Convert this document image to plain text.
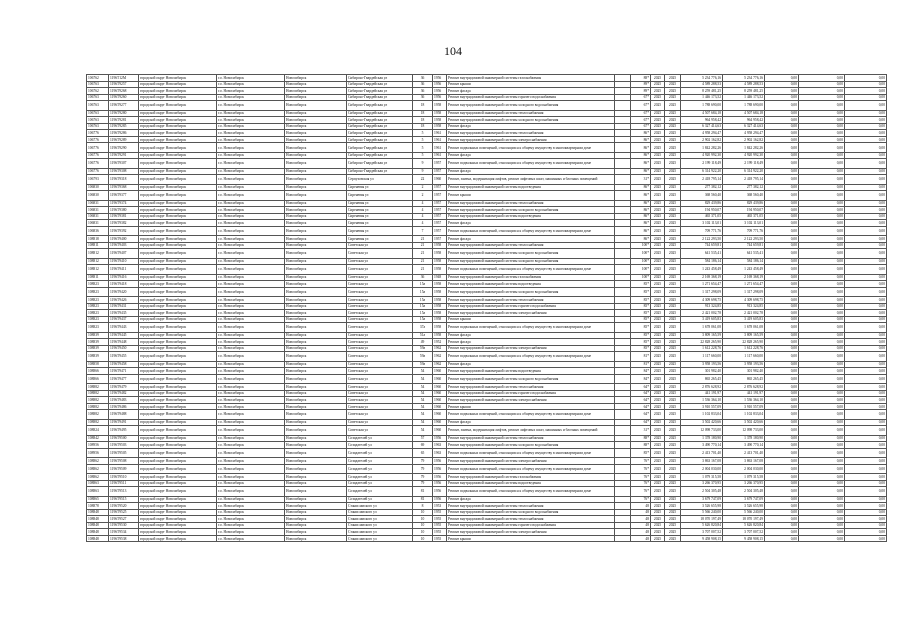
104
106762	1196T12M	городской округ Новосибирск	г.о. Новосибирск	Новосибирск	Сибирско-Гвардейская ул	36	1956	Ремонт внутридомовой инженерной системы газоснабжения		88*	2025	2025	5 234 776,16	5 234 776,16	0,00	0,00	0,00
106763	1196T9257	городской округ Новосибирск	г.о. Новосибирск	Новосибирск	Сибирско-Гвардейская ул	36	1956	Ремонт крыши		89*	2025	2025	4 589 288,53	4 589 288,53	0,00	0,00	0,00
106762	1196T9268	городской округ Новосибирск	г.о. Новосибирск	Новосибирск	Сибирско-Гвардейская ул	36	1956	Ремонт фасада		89*	2025	2025	8 259 481,25	8 259 481,25	0,00	0,00	0,00
106763	1196T9260	городской округ Новосибирск	г.о. Новосибирск	Новосибирск	Сибирско-Гвардейская ул	36	1956	Ремонт внутридомовой инженерной системы горячего водоснабжения		67*	2025	2025	1 446 173,52	1 446 173,52	0,00	0,00	0,00
106763	1196T9277	городской округ Новосибирск	г.о. Новосибирск	Новосибирск	Сибирско-Гвардейская ул	18	1958	Ремонт внутридомовой инженерной системы холодного водоснабжения		67*	2025	2025	1 788 690,00	1 788 690,00	0,00	0,00	0,00
106763	1196T9280	городской округ Новосибирск	г.о. Новосибирск	Новосибирск	Сибирско-Гвардейская ул	18	1958	Ремонт внутридомовой инженерной системы теплоснабжения		67*	2025	2025	4 507 684,18	4 507 684,18	0,00	0,00	0,00
106763	1196T9281	городской округ Новосибирск	г.о. Новосибирск	Новосибирск	Сибирско-Гвардейская ул	18	1958	Ремонт внутридомовой инженерной системы холодного водоснабжения		67*	2025	2025	964 958,42	964 958,42	0,00	0,00	0,00
106763	1196T9285	городской округ Новосибирск	г.о. Новосибирск	Новосибирск	Сибирско-Гвардейская ул	18	1958	Ремонт фасада		67*	2025	2025	6 327 414,63	6 327 414,63	0,00	0,00	0,00
106776	1196T9286	городской округ Новосибирск	г.о. Новосибирск	Новосибирск	Сибирско-Гвардейская ул	5	1961	Ремонт внутридомовой инженерной системы теплоснабжения		86*	2025	2025	4 958 294,47	4 958 294,47	0,00	0,00	0,00
106776	1196T9289	городской округ Новосибирск	г.о. Новосибирск	Новосибирск	Сибирско-Гвардейская ул	5	1961	Ремонт внутридомовой инженерной системы электроснабжения		86*	2025	2025	2 902 162,82	2 902 162,82	0,00	0,00	0,00
106776	1196T9290	городской округ Новосибирск	г.о. Новосибирск	Новосибирск	Сибирско-Гвардейская ул	5	1961	Ремонт подвальных помещений, относящихся к общему имуществу в многоквартирном доме		86*	2025	2025	1 842 282,26	1 842 282,26	0,00	0,00	0,00
106776	1196T9291	городской округ Новосибирск	г.о. Новосибирск	Новосибирск	Сибирско-Гвардейская ул	5	1961	Ремонт фасада		86*	2025	2025	4 920 992,30	4 920 992,30	0,00	0,00	0,00
106776	1196T9307	городской округ Новосибирск	г.о. Новосибирск	Новосибирск	Сибирско-Гвардейская ул	9	1957	Ремонт подвальных помещений, относящихся к общему имуществу в многоквартирном доме		86*	2025	2025	2 199 118,49	2 199 118,49	0,00	0,00	0,00
106776	1196T9308	городской округ Новосибирск	г.о. Новосибирск	Новосибирск	Сибирско-Гвардейская ул	9	1957	Ремонт фасада		86*	2025	2025	6 314 922,20	6 314 922,20	0,00	0,00	0,00
106793	1196T9318	городской округ Новосибирск	г.о. Новосибирск	Новосибирск	Серпуховская ул	22	1960	Ремонт, замена, модернизация лифтов, ремонт лифтовых шахт, машинных и блочных помещений		31*	2025	2025	2 418 795,14	2 418 795,14	0,00	0,00	0,00
106830	1196T9368	городской округ Новосибирск	г.о. Новосибирск	Новосибирск	Сиреневая ул	2	1957	Ремонт внутридомовой инженерной системы водоотведения		86*	2025	2025	277 382,12	277 382,12	0,00	0,00	0,00
106830	1196T9377	городской округ Новосибирск	г.о. Новосибирск	Новосибирск	Сиреневая ул	2	1957	Ремонт крыши		86*	2025	2025	368 560,40	368 560,40	0,00	0,00	0,00
106831	1196T9374	городской округ Новосибирск	г.о. Новосибирск	Новосибирск	Сиреневая ул	4	1957	Ремонт внутридомовой инженерной системы теплоснабжения		86*	2025	2025	829 439,86	829 439,86	0,00	0,00	0,00
106831	1196T9380	городской округ Новосибирск	г.о. Новосибирск	Новосибирск	Сиреневая ул	4	1957	Ремонт внутридомовой инженерной системы холодного водоснабжения		86*	2025	2025	194 950,07	194 950,07	0,00	0,00	0,00
106831	1196T9381	городской округ Новосибирск	г.о. Новосибирск	Новосибирск	Сиреневая ул	4	1957	Ремонт внутридомовой инженерной системы водоотведения		86*	2025	2025	465 371,05	465 371,05	0,00	0,00	0,00
106831	1196T9382	городской округ Новосибирск	г.о. Новосибирск	Новосибирск	Сиреневая ул	4	1957	Ремонт фасада		86*	2025	2025	3 102 113,01	3 102 113,01	0,00	0,00	0,00
106836	1196T9392	городской округ Новосибирск	г.о. Новосибирск	Новосибирск	Сиреневая ул	7	1957	Ремонт подвальных помещений, относящихся к общему имуществу в многоквартирном доме		86*	2025	2025	709 771,76	709 771,76	0,00	0,00	0,00
108818	1196T9400	городской округ Новосибирск	г.о. Новосибирск	Новосибирск	Сиреневая ул	21	1957	Ремонт фасада		86*	2025	2025	2 122 293,50	2 122 293,50	0,00	0,00	0,00
108811	1196T9403	городской округ Новосибирск	г.о. Новосибирск	Новосибирск	Советская ул	21	1958	Ремонт внутридомовой инженерной системы теплоснабжения		100*	2025	2025	744 659,81	744 659,81	0,00	0,00	0,00
108812	1196T9407	городской округ Новосибирск	г.о. Новосибирск	Новосибирск	Советская ул	21	1958	Ремонт внутридомовой инженерной системы холодного водоснабжения		100*	2025	2025	641 535,41	641 535,41	0,00	0,00	0,00
108812	1196T9410	городской округ Новосибирск	г.о. Новосибирск	Новосибирск	Советская ул	21	1958	Ремонт внутридомовой инженерной системы холодного водоснабжения		100*	2025	2025	584 186,14	584 186,14	0,00	0,00	0,00
108812	1196T9411	городской округ Новосибирск	г.о. Новосибирск	Новосибирск	Советская ул	21	1958	Ремонт подвальных помещений, относящихся к общему имуществу в многоквартирном доме		100*	2025	2025	1 243 458,49	1 243 458,49	0,00	0,00	0,00
108811	1196T9416	городской округ Новосибирск	г.о. Новосибирск	Новосибирск	Советская ул	36	1948	Ремонт внутридомовой инженерной системы газоснабжения		100*	2025	2025	2 169 368,19	2 169 368,19	0,00	0,00	0,00
108823	1196T9418	городской округ Новосибирск	г.о. Новосибирск	Новосибирск	Советская ул	15a	1958	Ремонт внутридомовой инженерной системы водоотведения		85*	2025	2025	1 271 654,47	1 271 654,47	0,00	0,00	0,00
108823	1196T9420	городской округ Новосибирск	г.о. Новосибирск	Новосибирск	Советская ул	15a	1958	Ремонт внутридомовой инженерной системы холодного водоснабжения		85*	2025	2025	1 317 298,09	1 317 298,09	0,00	0,00	0,00
108823	1196T9426	городской округ Новосибирск	г.о. Новосибирск	Новосибирск	Советская ул	15a	1958	Ремонт внутридомовой инженерной системы теплоснабжения		85*	2025	2025	4 309 698,75	4 309 698,75	0,00	0,00	0,00
108823	1196T9431	городской округ Новосибирск	г.о. Новосибирск	Новосибирск	Советская ул	15a	1958	Ремонт внутридомовой инженерной системы горячего водоснабжения		85*	2025	2025	913 324,85	913 324,85	0,00	0,00	0,00
108823	1196T9435	городской округ Новосибирск	г.о. Новосибирск	Новосибирск	Советская ул	15a	1958	Ремонт внутридомовой инженерной системы электроснабжения		85*	2025	2025	2 421 002,78	2 421 002,78	0,00	0,00	0,00
108823	1196T9437	городской округ Новосибирск	г.о. Новосибирск	Новосибирск	Советская ул	15a	1958	Ремонт крыши		85*	2025	2025	3 419 605,83	3 419 605,83	0,00	0,00	0,00
108823	1196T9443	городской округ Новосибирск	г.о. Новосибирск	Новосибирск	Советская ул	37a	1958	Ремонт подвальных помещений, относящихся к общему имуществу в многоквартирном доме		85*	2025	2025	1 678 061,08	1 678 061,08	0,00	0,00	0,00
108839	1196T9445	городской округ Новосибирск	г.о. Новосибирск	Новосибирск	Советская ул	51a	1958	Ремонт фасада		85*	2025	2025	3 809 165,59	3 809 165,59	0,00	0,00	0,00
108839	1196T9448	городской округ Новосибирск	г.о. Новосибирск	Новосибирск	Советская ул	49	1952	Ремонт фасада		85*	2025	2025	22 828 265,90	22 828 265,90	0,00	0,00	0,00
108839	1196T9450	городской округ Новосибирск	г.о. Новосибирск	Новосибирск	Советская ул	59a	1962	Ремонт внутридомовой инженерной системы электроснабжения		85*	2025	2025	1 612 228,76	1 612 228,76	0,00	0,00	0,00
108839	1196T9455	городской округ Новосибирск	г.о. Новосибирск	Новосибирск	Советская ул	59a	1962	Ремонт подвальных помещений, относящихся к общему имуществу в многоквартирном доме		81*	2025	2025	1 117 660,00	1 117 660,00	0,00	0,00	0,00
108858	1196T9458	городской округ Новосибирск	г.о. Новосибирск	Новосибирск	Советская ул	59a	1962	Ремонт фасада		81*	2025	2025	3 958 193,56	3 958 193,56	0,00	0,00	0,00
108866	1196T9471	городской округ Новосибирск	г.о. Новосибирск	Новосибирск	Советская ул	54	1960	Ремонт внутридомовой инженерной системы водоотведения		84*	2025	2025	301 982,40	301 982,40	0,00	0,00	0,00
108866	1196T9477	городской округ Новосибирск	г.о. Новосибирск	Новосибирск	Советская ул	54	1960	Ремонт внутридомовой инженерной системы холодного водоснабжения		84*	2025	2025	865 265,45	865 265,45	0,00	0,00	0,00
108882	1196T9479	городской округ Новосибирск	г.о. Новосибирск	Новосибирск	Советская ул	54	1960	Ремонт внутридомовой инженерной системы теплоснабжения		64*	2025	2025	2 876 628,92	2 876 628,92	0,00	0,00	0,00
108882	1196T9482	городской округ Новосибирск	г.о. Новосибирск	Новосибирск	Советская ул	54	1960	Ремонт внутридомовой инженерной системы горячего водоснабжения		64*	2025	2025	441 191,97	441 191,97	0,00	0,00	0,00
108882	1196T9483	городской округ Новосибирск	г.о. Новосибирск	Новосибирск	Советская ул	54	1960	Ремонт внутридомовой инженерной системы электроснабжения		64*	2025	2025	1 536 364,10	1 536 364,10	0,00	0,00	0,00
108882	1196T9486	городской округ Новосибирск	г.о. Новосибирск	Новосибирск	Советская ул	54	1960	Ремонт крыши		64*	2025	2025	3 910 557,09	3 910 557,09	0,00	0,00	0,00
108882	1196T9488	городской округ Новосибирск	г.о. Новосибирск	Новосибирск	Советская ул	54	1960	Ремонт подвальных помещений, относящихся к общему имуществу в многоквартирном доме		64*	2025	2025	1 102 833,04	1 102 833,04	0,00	0,00	0,00
108882	1196T9491	городской округ Новосибирск	г.о. Новосибирск	Новосибирск	Советская ул	54	1960	Ремонт фасада		64*	2025	2025	3 502 420,66	3 502 420,66	0,00	0,00	0,00
108824	1196T9495	городской округ Новосибирск	г.о. Новосибирск	Новосибирск	Советская ул	54	1960	Ремонт, замена, модернизация лифтов, ремонт лифтовых шахт, машинных и блочных помещений		31*	2025	2025	12 098 733,00	12 098 733,00	0,00	0,00	0,00
108842	1196T9500	городской округ Новосибирск	г.о. Новосибирск	Новосибирск	Созидателей ул	57	1956	Ремонт внутридомовой инженерной системы теплоснабжения		88*	2025	2025	1 378 180,90	1 378 180,90	0,00	0,00	0,00
108956	1196T9503	городской округ Новосибирск	г.о. Новосибирск	Новосибирск	Созидателей ул	69	1963	Ремонт внутридомовой инженерной системы холодного водоснабжения		88*	2025	2025	3 490 770,14	3 490 770,14	0,00	0,00	0,00
108956	1196T9505	городской округ Новосибирск	г.о. Новосибирск	Новосибирск	Созидателей ул	65	1963	Ремонт подвальных помещений, относящихся к общему имуществу в многоквартирном доме		85*	2025	2025	2 413 701,40	2 413 701,40	0,00	0,00	0,00
108862	1196T9508	городской округ Новосибирск	г.о. Новосибирск	Новосибирск	Созидателей ул	79	1956	Ремонт внутридомовой инженерной системы электроснабжения		76*	2025	2025	3 863 167,08	3 863 167,08	0,00	0,00	0,00
108862	1196T9509	городской округ Новосибирск	г.о. Новосибирск	Новосибирск	Созидателей ул	79	1956	Ремонт подвальных помещений, относящихся к общему имуществу в многоквартирном доме		76*	2025	2025	2 004 030,00	2 004 030,00	0,00	0,00	0,00
108862	1196T9510	городской округ Новосибирск	г.о. Новосибирск	Новосибирск	Созидателей ул	79	1956	Ремонт внутридомовой инженерной системы газоснабжения		76*	2025	2025	1 079 315,58	1 079 315,58	0,00	0,00	0,00
108863	1196T9511	городской округ Новосибирск	г.о. Новосибирск	Новосибирск	Созидателей ул	79	1956	Ремонт внутридомовой инженерной системы водоотведения		76*	2025	2025	3 266 370,95	3 266 370,95	0,00	0,00	0,00
108863	1196T9513	городской округ Новосибирск	г.о. Новосибирск	Новосибирск	Созидателей ул	81	1956	Ремонт подвальных помещений, относящихся к общему имуществу в многоквартирном доме		76*	2025	2025	2 504 305,48	2 504 305,48	0,00	0,00	0,00
108865	1196T9515	городской округ Новосибирск	г.о. Новосибирск	Новосибирск	Созидателей ул	81	1956	Ремонт фасада		76*	2025	2025	3 679 747,09	3 679 747,09	0,00	0,00	0,00
108878	1196T9520	городской округ Новосибирск	г.о. Новосибирск	Новосибирск	Станиславского ул	8	1953	Ремонт внутридомовой инженерной системы теплоснабжения		48	2025	2025	3 526 655,98	3 526 655,98	0,00	0,00	0,00
108848	1196T9525	городской округ Новосибирск	г.о. Новосибирск	Новосибирск	Станиславского ул	10	1955	Ремонт внутридомовой инженерной системы холодного водоснабжения		48	2025	2025	5 566 240,00	5 566 240,00	0,00	0,00	0,00
108848	1196T9527	городской округ Новосибирск	г.о. Новосибирск	Новосибирск	Станиславского ул	10	1955	Ремонт внутридомовой инженерной системы теплоснабжения		48	2025	2025	18 070 197,49	18 070 197,49	0,00	0,00	0,00
108848	1196T9530	городской округ Новосибирск	г.о. Новосибирск	Новосибирск	Станиславского ул	10	1955	Ремонт внутридомовой инженерной системы горячего водоснабжения		48	2025	2025	5 626 820,84	5 626 820,84	0,00	0,00	0,00
108848	1196T9534	городской округ Новосибирск	г.о. Новосибирск	Новосибирск	Станиславского ул	10	1955	Ремонт внутридомовой инженерной системы электроснабжения		48	2025	2025	3 707 007,52	3 707 007,52	0,00	0,00	0,00
108848	1196T9538	городской округ Новосибирск	г.о. Новосибирск	Новосибирск	Станиславского ул	10	1955	Ремонт крыши		48	2025	2025	9 458 908,15	9 458 908,15	0,00	0,00	0,00
